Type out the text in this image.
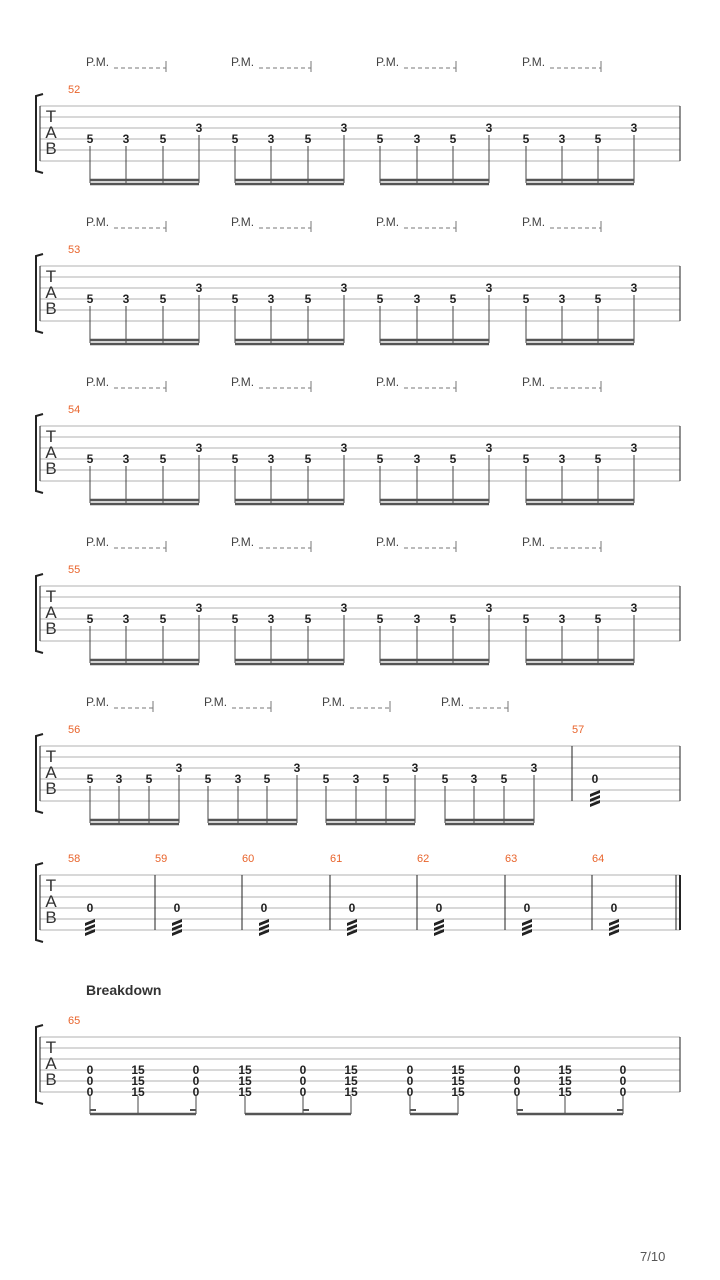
T
A
B
52
P.M.
5 3	5
3
P.M.
5 3	5
3
P.M.
5	3 5
3
P.M.
5 3 5
3
T
A
B
53
P.M.
5 3	5
3
P.M.
5 3	5
3
P.M.
5	3 5
3
P.M.
5 3 5
3
T
A
B
54
P.M.
5 3	5
3
P.M.
5 3	5
3
P.M.
5	3 5
3
P.M.
5 3 5
3
T
A
B
55
P.M.
5 3	5
3
P.M.
5 3	5
3
P.M.
5	3 5
3
P.M.
5 3 5
3
T
A
B
56
P.M.
5 3 5
3
P.M.
5 3 5
3
P.M.
5 3 5
3
P.M.
5 3 5
3
57
0
T
A
B
58
0
59
0
60
0
61
0
62
0
63
0
64
0
T
A
B
65
0
0
0
15
15
15
0
0
0
15
15
15
0
0
0
15
15
15
0
0
0
15
15
15
0
0
0
15
15
15
0
0
0
Breakdown
7/10
